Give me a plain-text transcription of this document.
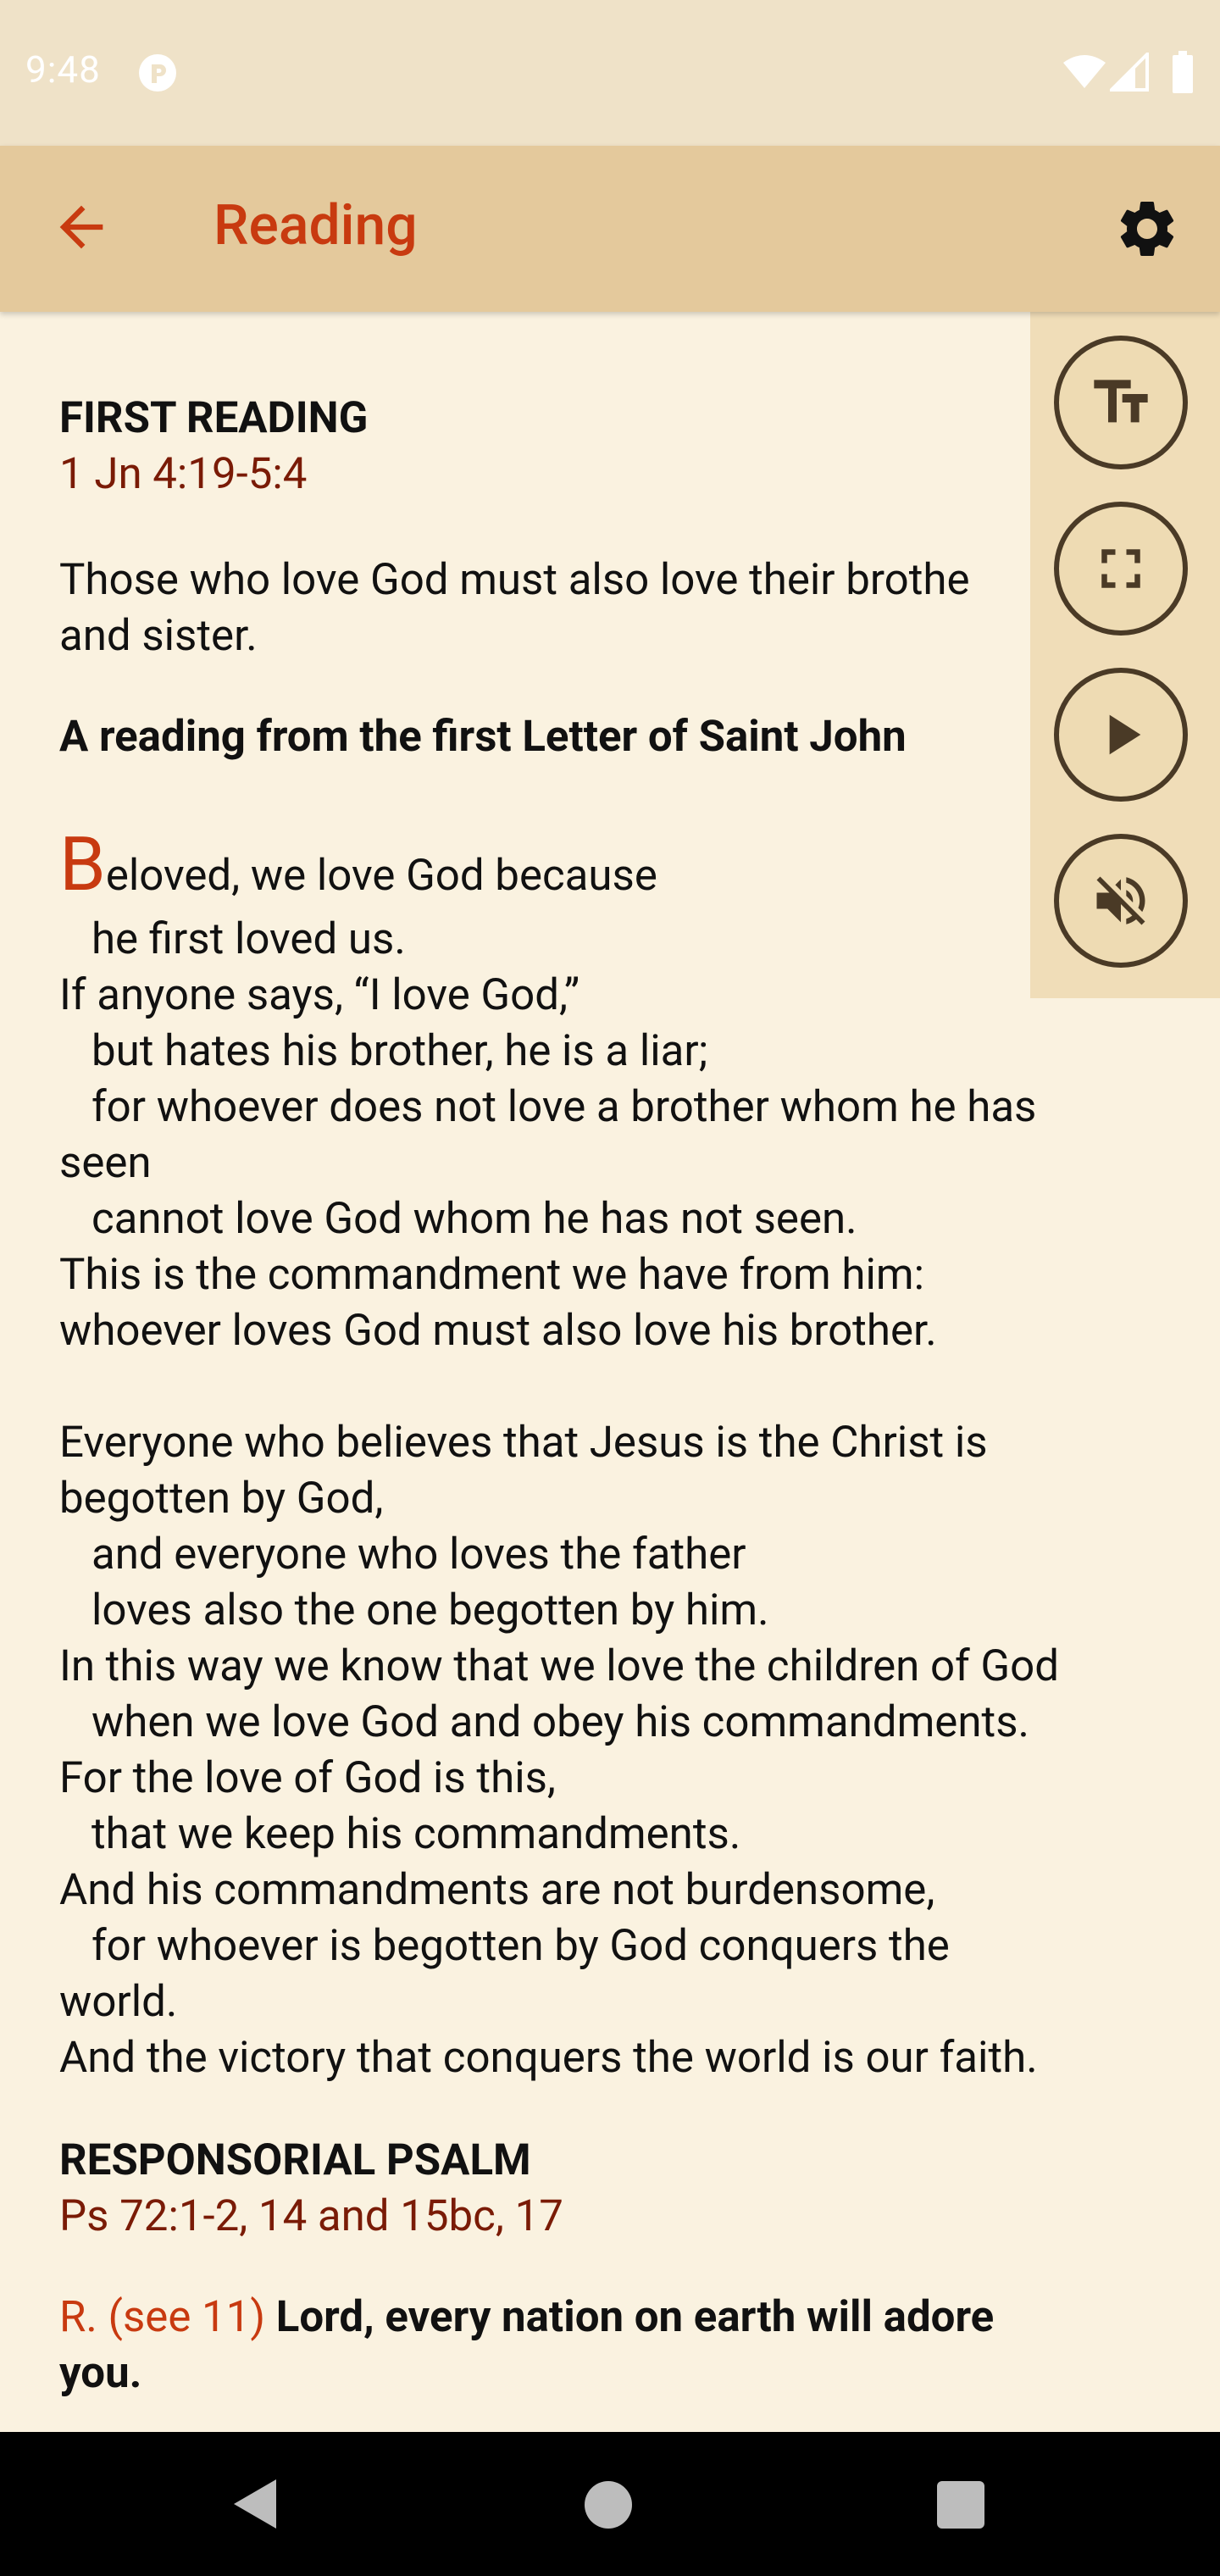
9:48
Reading
FIRST READING
1 Jn 4:19-5:4
Those who love God must also love their brothe
and sister.
A reading from the first Letter of Saint John
Beloved, we love God because
he first loved us.
If anyone says, “I love God,”
but hates his brother, he is a liar;
for whoever does not love a brother whom he has
seen
cannot love God whom he has not seen.
This is the commandment we have from him:
whoever loves God must also love his brother.
Everyone who believes that Jesus is the Christ is
begotten by God,
and everyone who loves the father
loves also the one begotten by him.
In this way we know that we love the children of God
when we love God and obey his commandments.
For the love of God is this,
that we keep his commandments.
And his commandments are not burdensome,
for whoever is begotten by God conquers the
world.
And the victory that conquers the world is our faith.
RESPONSORIAL PSALM
Ps 72:1-2, 14 and 15bc, 17
R. (see 11) Lord, every nation on earth will adore
you.
